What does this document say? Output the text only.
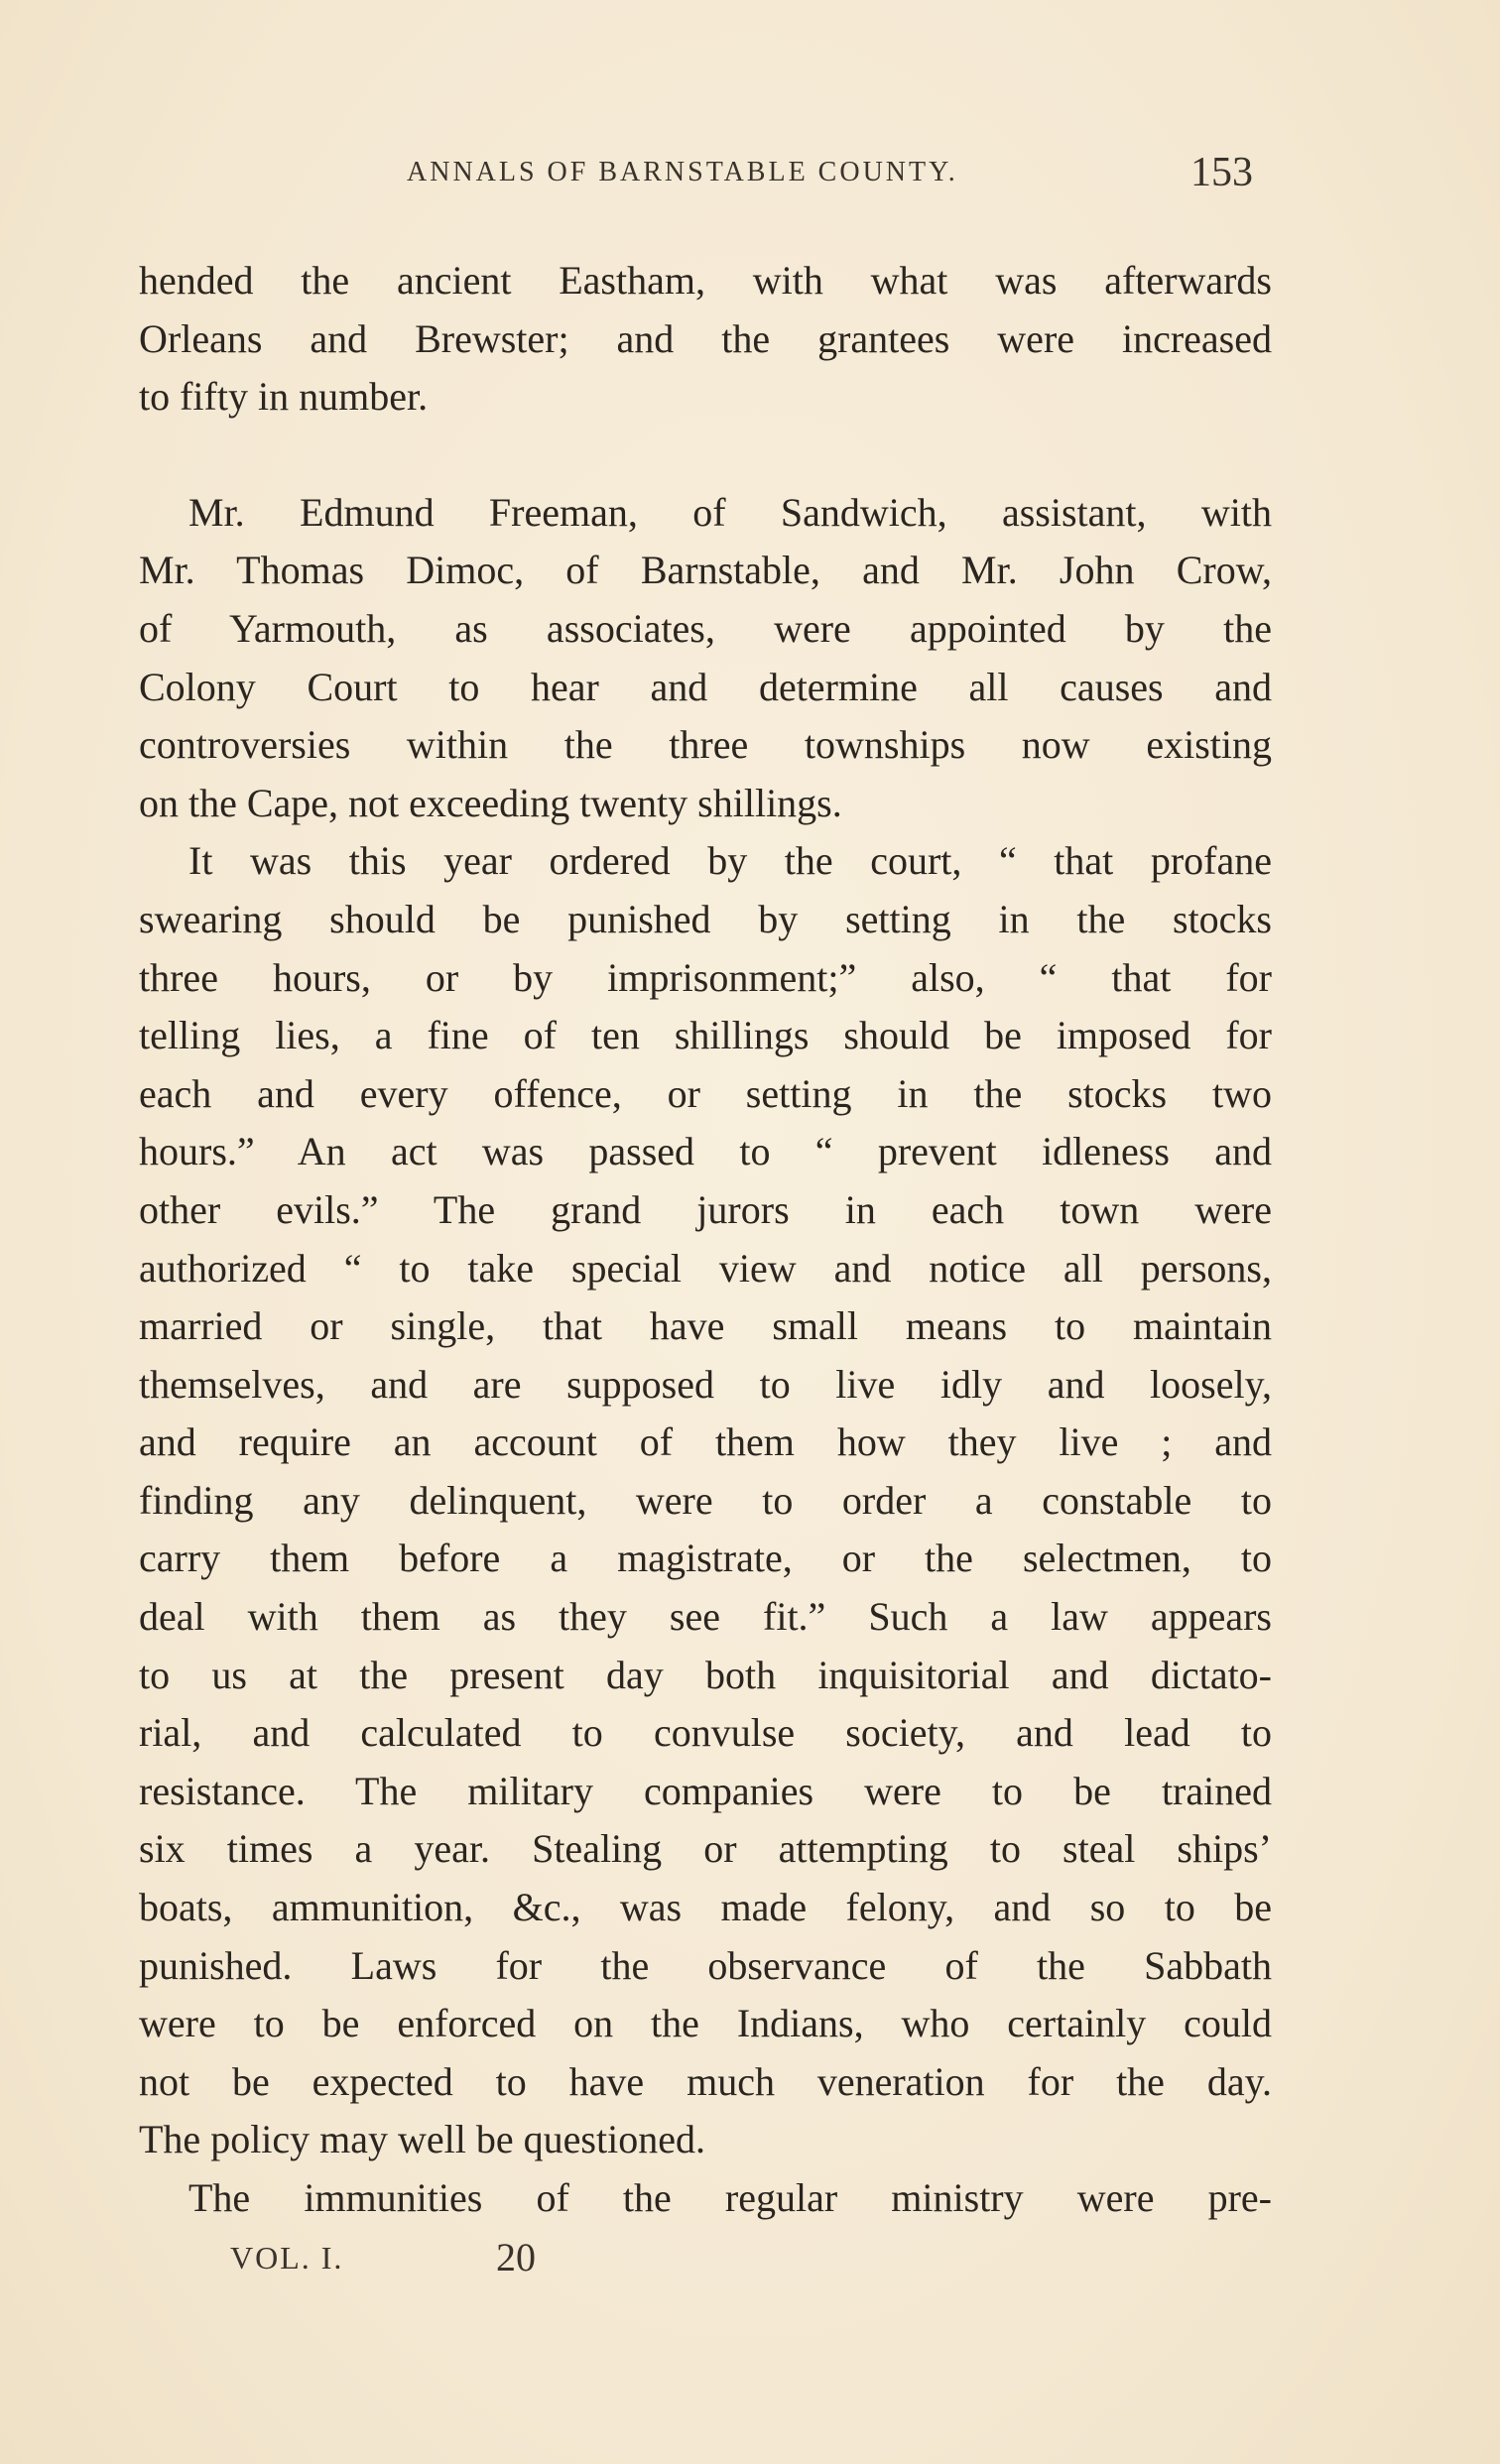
ANNALS OF BARNSTABLE COUNTY.	153
hended the ancient Eastham, with what was afterwards
Orleans and Brewster; and the grantees were increased
to fifty in number.
Mr. Edmund Freeman, of Sandwich, assistant, with
Mr. Thomas Dimoc, of Barnstable, and Mr. John Crow,
of Yarmouth, as associates, were appointed by the
Colony Court to hear and determine all causes and
controversies within the three townships now existing
on the Cape, not exceeding twenty shillings.
It was this year ordered by the court, “ that profane
swearing should be punished by setting in the stocks
three hours, or by imprisonment;” also, “ that for
telling lies, a fine of ten shillings should be imposed for
each and every offence, or setting in the stocks two
hours.” An act was passed to “ prevent idleness and
other evils.” The grand jurors in each town were
authorized “ to take special view and notice all persons,
married or single, that have small means to maintain
themselves, and are supposed to live idly and loosely,
and require an account of them how they live ; and
finding any delinquent, were to order a constable to
carry them before a magistrate, or the selectmen, to
deal with them as they see fit.” Such a law appears
to us at the present day both inquisitorial and dictato-
rial, and calculated to convulse society, and lead to
resistance. The military companies were to be trained
six times a year. Stealing or attempting to steal ships’
boats, ammunition, &c., was made felony, and so to be
punished. Laws for the observance of the Sabbath
were to be enforced on the Indians, who certainly could
not be expected to have much veneration for the day.
The policy may well be questioned.
The immunities of the regular ministry were pre-
VOL. I.	20
